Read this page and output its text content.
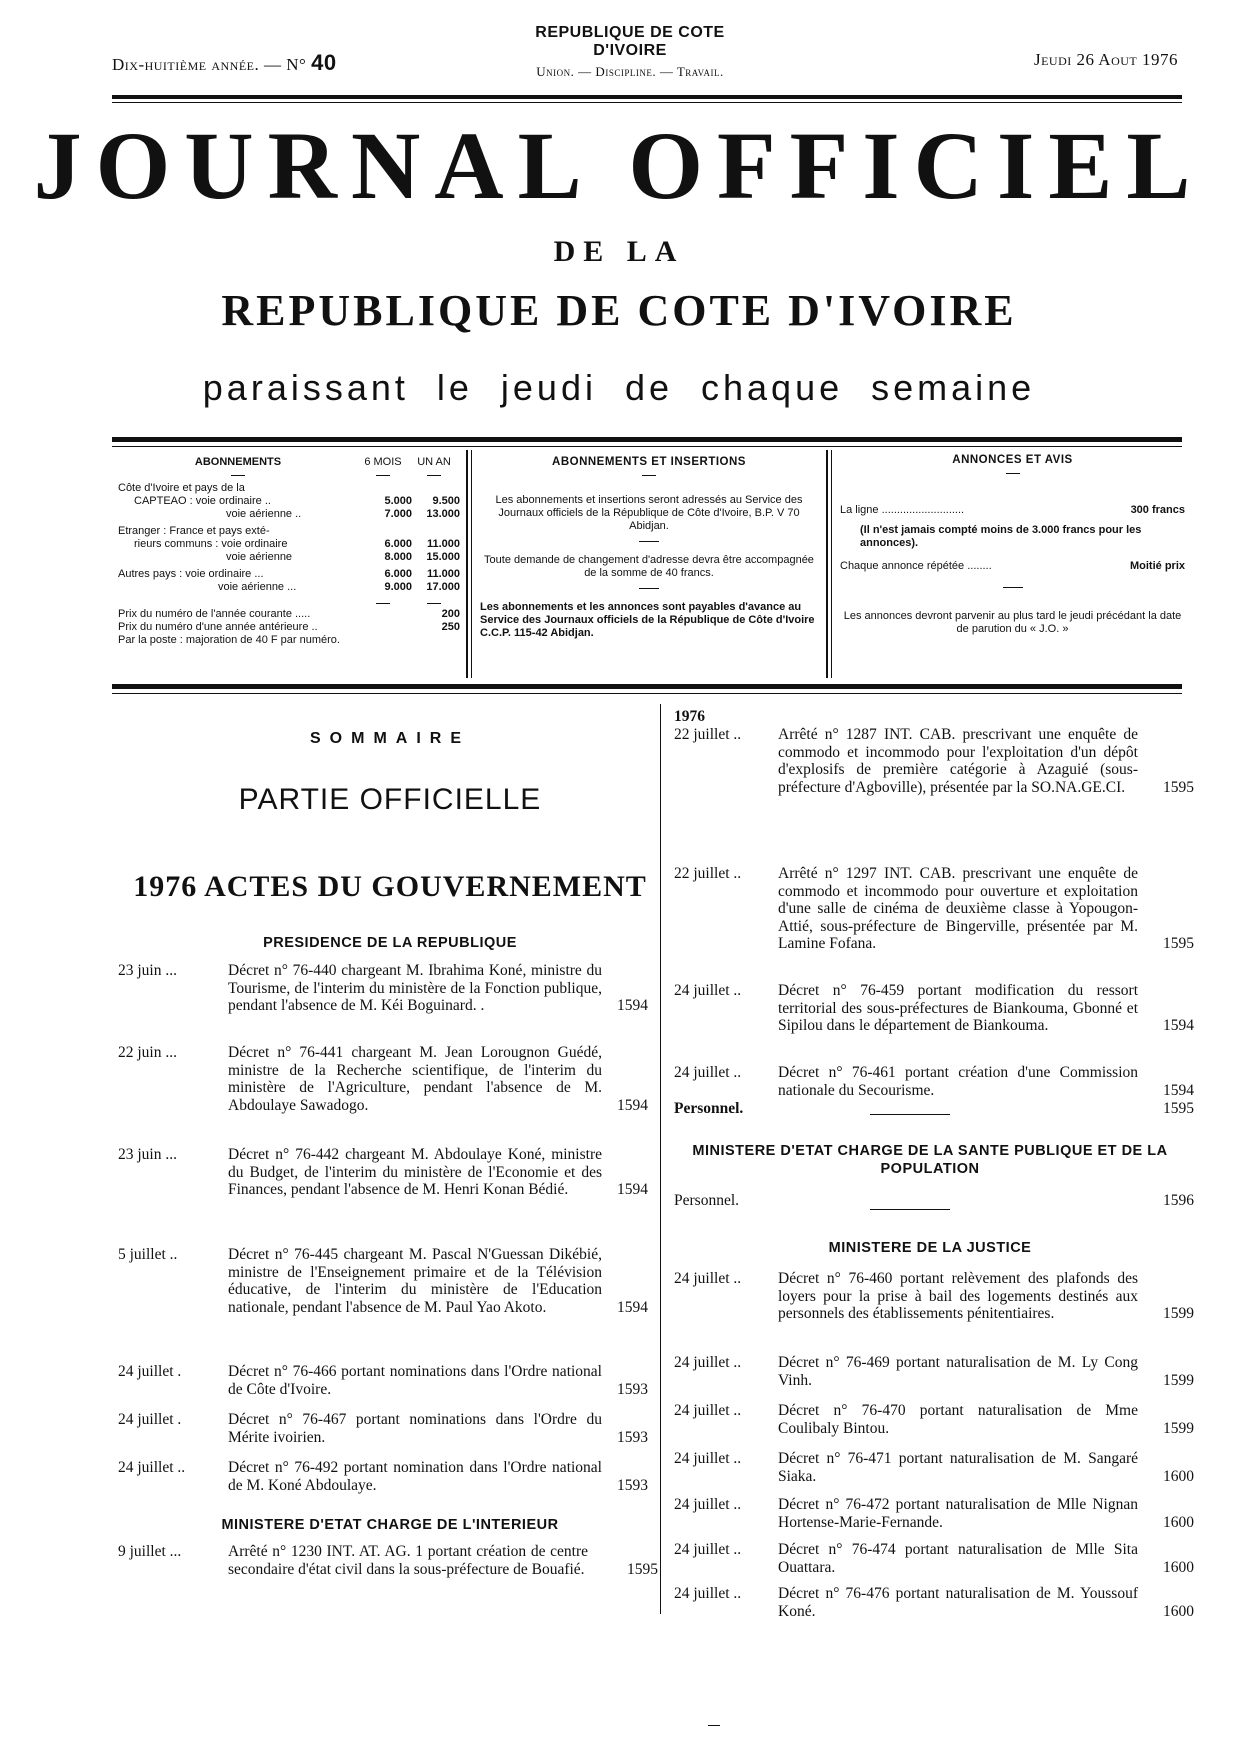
Dix-huitième année. — N° 40
REPUBLIQUE DE COTE D'IVOIRE
Union. — Discipline. — Travail.
Jeudi 26 Aout 1976
JOURNAL OFFICIEL
DE LA
REPUBLIQUE DE COTE D'IVOIRE
paraissant le jeudi de chaque semaine
ABONNEMENTS	6 MOIS	UN AN
Côte d'Ivoire et pays de la		
CAPTEAO : voie ordinaire ..	5.000	9.500
voie aérienne ..	7.000	13.000
Etranger : France et pays exté-		
rieurs communs : voie ordinaire	6.000	11.000
voie aérienne	8.000	15.000
Autres pays : voie ordinaire ...	6.000	11.000
voie aérienne ...	9.000	17.000
Prix du numéro de l'année courante .....	200
Prix du numéro d'une année antérieure ..	250
Par la poste : majoration de 40 F par numéro.	
ABONNEMENTS ET INSERTIONS
Les abonnements et insertions seront adressés au Service des Journaux officiels de la République de Côte d'Ivoire, B.P. V 70 Abidjan.
Toute demande de changement d'adresse devra être accompagnée de la somme de 40 francs.
Les abonnements et les annonces sont payables d'avance au Service des Journaux officiels de la République de Côte d'Ivoire C.C.P. 115-42 Abidjan.
ANNONCES ET AVIS
La ligne ...........................	300 francs
(Il n'est jamais compté moins de 3.000 francs pour les annonces).
Chaque annonce répétée ........	Moitié prix
Les annonces devront parvenir au plus tard le jeudi précédant la date de parution du « J.O. »
SOMMAIRE
PARTIE OFFICIELLE
1976 ACTES DU GOUVERNEMENT
PRESIDENCE DE LA REPUBLIQUE
23 juin ...	Décret n° 76-440 chargeant M. Ibrahima Koné, ministre du Tourisme, de l'interim du ministère de la Fonction publique, pendant l'absence de M. Kéi Boguinard. .	1594
22 juin ...	Décret n° 76-441 chargeant M. Jean Lorougnon Guédé, ministre de la Recherche scientifique, de l'interim du ministère de l'Agriculture, pendant l'absence de M. Abdoulaye Sawadogo.	1594
23 juin ...	Décret n° 76-442 chargeant M. Abdoulaye Koné, ministre du Budget, de l'interim du ministère de l'Economie et des Finances, pendant l'absence de M. Henri Konan Bédié.	1594
5 juillet ..	Décret n° 76-445 chargeant M. Pascal N'Guessan Dikébié, ministre de l'Enseignement primaire et de la Télévision éducative, de l'interim du ministère de l'Education nationale, pendant l'absence de M. Paul Yao Akoto.	1594
24 juillet .	Décret n° 76-466 portant nominations dans l'Ordre national de Côte d'Ivoire.	1593
24 juillet .	Décret n° 76-467 portant nominations dans l'Ordre du Mérite ivoirien.	1593
24 juillet ..	Décret n° 76-492 portant nomination dans l'Ordre national de M. Koné Abdoulaye.	1593
MINISTERE D'ETAT CHARGE DE L'INTERIEUR
9 juillet ...	Arrêté n° 1230 INT. AT. AG. 1 portant création de centre secondaire d'état civil dans la sous-préfecture de Bouafié.	1595
1976
22 juillet ..	Arrêté n° 1287 INT. CAB. prescrivant une enquête de commodo et incommodo pour l'exploitation d'un dépôt d'explosifs de première catégorie à Azaguié (sous-préfecture d'Agboville), présentée par la SO.NA.GE.CI.	1595
22 juillet ..	Arrêté n° 1297 INT. CAB. prescrivant une enquête de commodo et incommodo pour ouverture et exploitation d'une salle de cinéma de deuxième classe à Yopougon-Attié, sous-préfecture de Bingerville, présentée par M. Lamine Fofana.	1595
24 juillet ..	Décret n° 76-459 portant modification du ressort territorial des sous-préfectures de Biankouma, Gbonné et Sipilou dans le département de Biankouma.	1594
24 juillet ..	Décret n° 76-461 portant création d'une Commission nationale du Secourisme.	1594
Personnel.	1595
MINISTERE D'ETAT CHARGE DE LA SANTE PUBLIQUE ET DE LA POPULATION
Personnel.	1596
MINISTERE DE LA JUSTICE
24 juillet ..	Décret n° 76-460 portant relèvement des plafonds des loyers pour la prise à bail des logements destinés aux personnels des établissements pénitentiaires.	1599
24 juillet ..	Décret n° 76-469 portant naturalisation de M. Ly Cong Vinh.	1599
24 juillet ..	Décret n° 76-470 portant naturalisation de Mme Coulibaly Bintou.	1599
24 juillet ..	Décret n° 76-471 portant naturalisation de M. Sangaré Siaka.	1600
24 juillet ..	Décret n° 76-472 portant naturalisation de Mlle Nignan Hortense-Marie-Fernande.	1600
24 juillet ..	Décret n° 76-474 portant naturalisation de Mlle Sita Ouattara.	1600
24 juillet ..	Décret n° 76-476 portant naturalisation de M. Youssouf Koné.	1600
